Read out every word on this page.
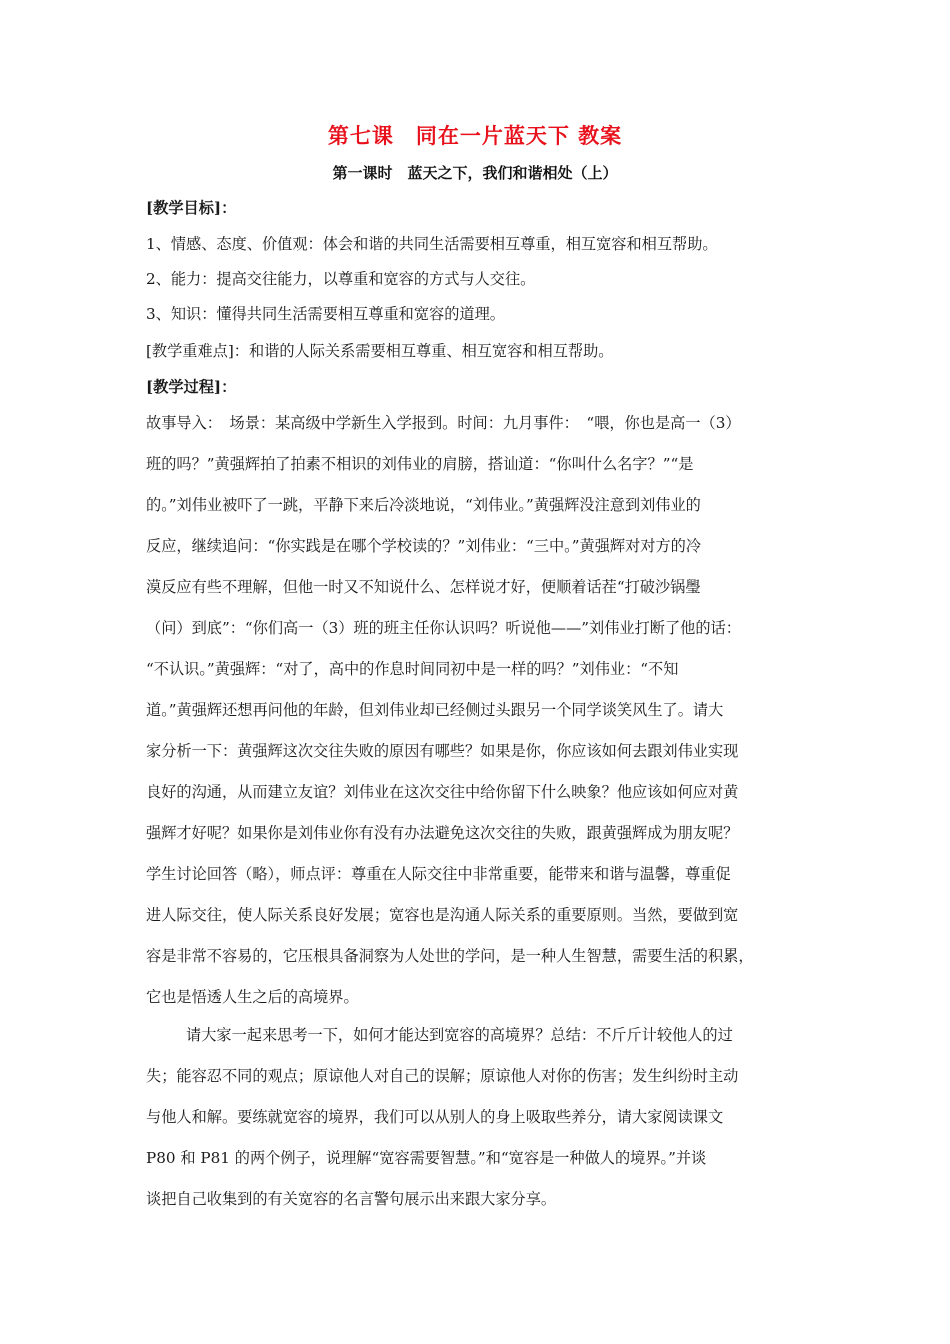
第七课　同在一片蓝天下 教案
第一课时　蓝天之下，我们和谐相处（上）
[教学目标]：
1、情感、态度、价值观：体会和谐的共同生活需要相互尊重，相互宽容和相互帮助。
2、能力：提高交往能力，以尊重和宽容的方式与人交往。
3、知识：懂得共同生活需要相互尊重和宽容的道理。
[教学重难点]：和谐的人际关系需要相互尊重、相互宽容和相互帮助。
[教学过程]：
故事导入：　场景：某高级中学新生入学报到。时间：九月事件：　“喂，你也是高一（3）
班的吗？”黄强辉拍了拍素不相识的刘伟业的肩膀，搭讪道：“你叫什么名字？”“是
的。”刘伟业被吓了一跳，平静下来后冷淡地说，“刘伟业。”黄强辉没注意到刘伟业的
反应，继续追问：“你实践是在哪个学校读的？”刘伟业：“三中。”黄强辉对对方的冷
漠反应有些不理解，但他一时又不知说什么、怎样说才好，便顺着话茬“打破沙锅璺
（问）到底”：“你们高一（3）班的班主任你认识吗？听说他——”刘伟业打断了他的话：
“不认识。”黄强辉：“对了，高中的作息时间同初中是一样的吗？”刘伟业：“不知
道。”黄强辉还想再问他的年龄，但刘伟业却已经侧过头跟另一个同学谈笑风生了。请大
家分析一下：黄强辉这次交往失败的原因有哪些？如果是你，你应该如何去跟刘伟业实现
良好的沟通，从而建立友谊？刘伟业在这次交往中给你留下什么映象？他应该如何应对黄
强辉才好呢？如果你是刘伟业你有没有办法避免这次交往的失败，跟黄强辉成为朋友呢？
学生讨论回答（略），师点评：尊重在人际交往中非常重要，能带来和谐与温馨，尊重促
进人际交往，使人际关系良好发展；宽容也是沟通人际关系的重要原则。当然，要做到宽
容是非常不容易的，它压根具备洞察为人处世的学问，是一种人生智慧，需要生活的积累，
它也是悟透人生之后的高境界。
请大家一起来思考一下，如何才能达到宽容的高境界？总结：不斤斤计较他人的过
失；能容忍不同的观点；原谅他人对自己的误解；原谅他人对你的伤害；发生纠纷时主动
与他人和解。要练就宽容的境界，我们可以从别人的身上吸取些养分，请大家阅读课文
P80 和 P81 的两个例子，说理解“宽容需要智慧。”和“宽容是一种做人的境界。”并谈
谈把自己收集到的有关宽容的名言警句展示出来跟大家分享。
